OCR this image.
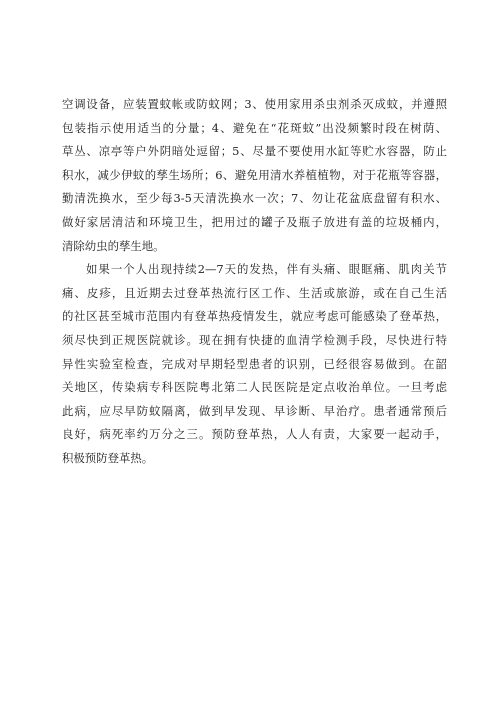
空调设备，应装置蚊帐或防蚊网；3、使用家用杀虫剂杀灭成蚊，并遵照
包装指示使用适当的分量；4、避免在“花斑蚊”出没频繁时段在树荫、
草丛、凉亭等户外阴暗处逗留；5、尽量不要使用水缸等贮水容器，防止
积水，减少伊蚊的孳生场所；6、避免用清水养植植物，对于花瓶等容器，
勤清洗换水，至少每3-5天清洗换水一次；7、勿让花盆底盘留有积水、
做好家居清洁和环境卫生，把用过的罐子及瓶子放进有盖的垃圾桶内，
清除幼虫的孳生地。
如果一个人出现持续2—7天的发热，伴有头痛、眼眶痛、肌肉关节
痛、皮疹，且近期去过登革热流行区工作、生活或旅游，或在自己生活
的社区甚至城市范围内有登革热疫情发生，就应考虑可能感染了登革热，
须尽快到正规医院就诊。现在拥有快捷的血清学检测手段，尽快进行特
异性实验室检查，完成对早期轻型患者的识别，已经很容易做到。在韶
关地区，传染病专科医院粤北第二人民医院是定点收治单位。一旦考虑
此病，应尽早防蚊隔离，做到早发现、早诊断、早治疗。患者通常预后
良好，病死率约万分之三。预防登革热，人人有责，大家要一起动手，
积极预防登革热。
